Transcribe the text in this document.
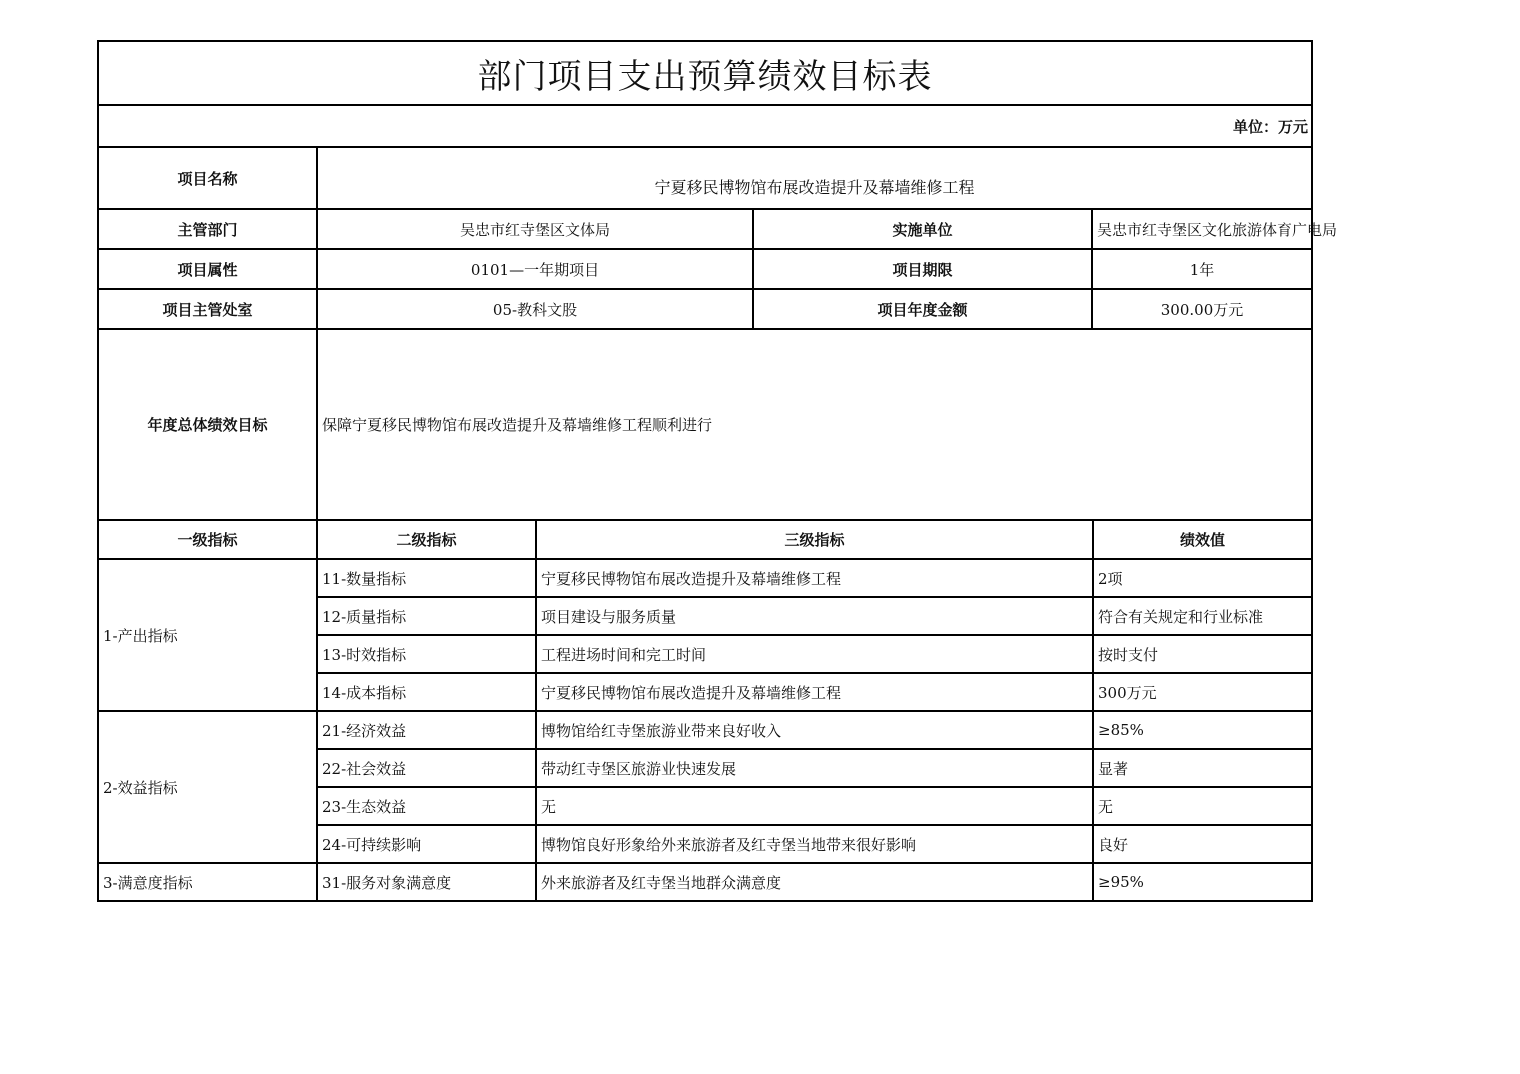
部门项目支出预算绩效目标表			
单位：万元			
项目名称	宁夏移民博物馆布展改造提升及幕墙维修工程		
主管部门	吴忠市红寺堡区文体局	实施单位	吴忠市红寺堡区文化旅游体育广电局
项目属性	0101—一年期项目	项目期限	1年
项目主管处室	05-教科文股	项目年度金额	300.00万元
年度总体绩效目标	保障宁夏移民博物馆布展改造提升及幕墙维修工程顺利进行		
一级指标	二级指标	三级指标	绩效值
1-产出指标	11-数量指标	宁夏移民博物馆布展改造提升及幕墙维修工程	2项
	12-质量指标	项目建设与服务质量	符合有关规定和行业标准
	13-时效指标	工程进场时间和完工时间	按时支付
	14-成本指标	宁夏移民博物馆布展改造提升及幕墙维修工程	300万元
2-效益指标	21-经济效益	博物馆给红寺堡旅游业带来良好收入	≥85%
	22-社会效益	带动红寺堡区旅游业快速发展	显著
	23-生态效益	无	无
	24-可持续影响	博物馆良好形象给外来旅游者及红寺堡当地带来很好影响	良好
3-满意度指标	31-服务对象满意度	外来旅游者及红寺堡当地群众满意度	≥95%
